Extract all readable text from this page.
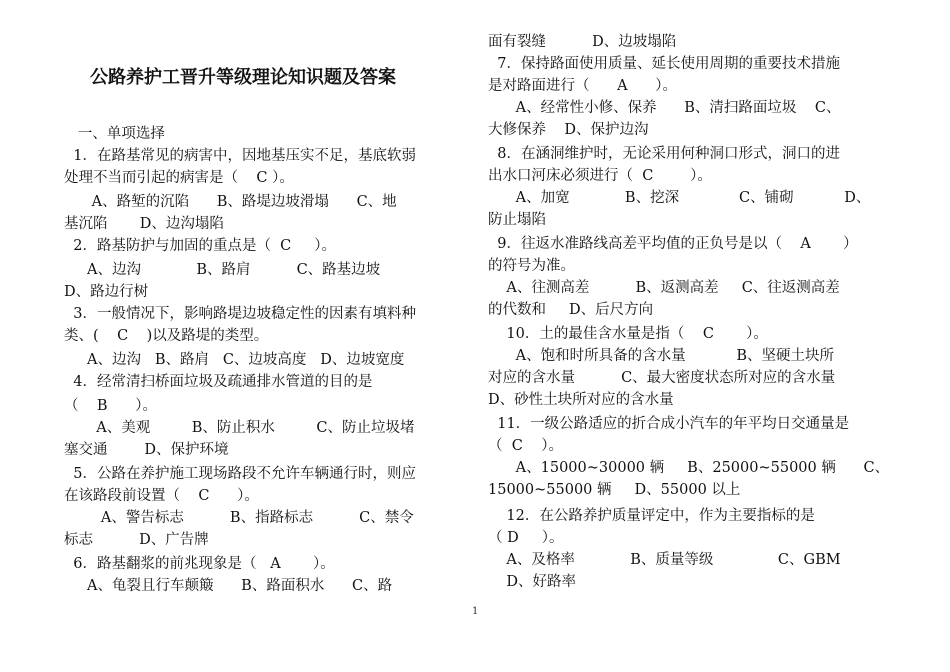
公路养护工晋升等级理论知识题及答案
一、单项选择
1．在路基常见的病害中，因地基压实不足，基底软弱
处理不当而引起的病害是（    C ）。
A、路堑的沉陷      B、路堤边坡滑塌      C、地
基沉陷       D、边沟塌陷
2．路基防护与加固的重点是（  C     ）。
A、边沟            B、路肩          C、路基边坡
D、路边行树
3．一般情况下，影响路堤边坡稳定性的因素有填料种
类、(    C    )以及路堤的类型。
A、边沟   B、路肩   C、边坡高度   D、边坡宽度
4．经常清扫桥面垃圾及疏通排水管道的目的是
（    B      ）。
A、美观         B、防止积水         C、防止垃圾堵
塞交通        D、保护环境
5．公路在养护施工现场路段不允许车辆通行时，则应
在该路段前设置（    C      ）。
A、警告标志          B、指路标志          C、禁令
标志          D、广告牌
6．路基翻浆的前兆现象是（   A       ）。
A、龟裂且行车颠簸      B、路面积水      C、路
面有裂缝          D、边坡塌陷
7．保持路面使用质量、延长使用周期的重要技术措施
是对路面进行（      A      ）。
A、经常性小修、保养      B、清扫路面垃圾    C、
大修保养    D、保护边沟
8．在涵洞维护时，无论采用何种洞口形式，洞口的进
出水口河床必须进行（  C        ）。
A、加宽            B、挖深             C、铺砌           D、
防止塌陷
9．往返水准路线高差平均值的正负号是以（    A       ）
的符号为准。
A、往测高差          B、返测高差     C、往返测高差
的代数和     D、后尺方向
10．土的最佳含水量是指（    C       ）。
A、饱和时所具备的含水量           B、坚硬土块所
对应的含水量          C、最大密度状态所对应的含水量
D、砂性土块所对应的含水量
11．一级公路适应的折合成小汽车的年平均日交通量是
（  C    ）。
A、15000~30000 辆     B、25000~55000 辆      C、
15000~55000 辆     D、55000 以上
12．在公路养护质量评定中，作为主要指标的是
（ D     ）。
A、及格率            B、质量等级              C、GBM
D、好路率
1
